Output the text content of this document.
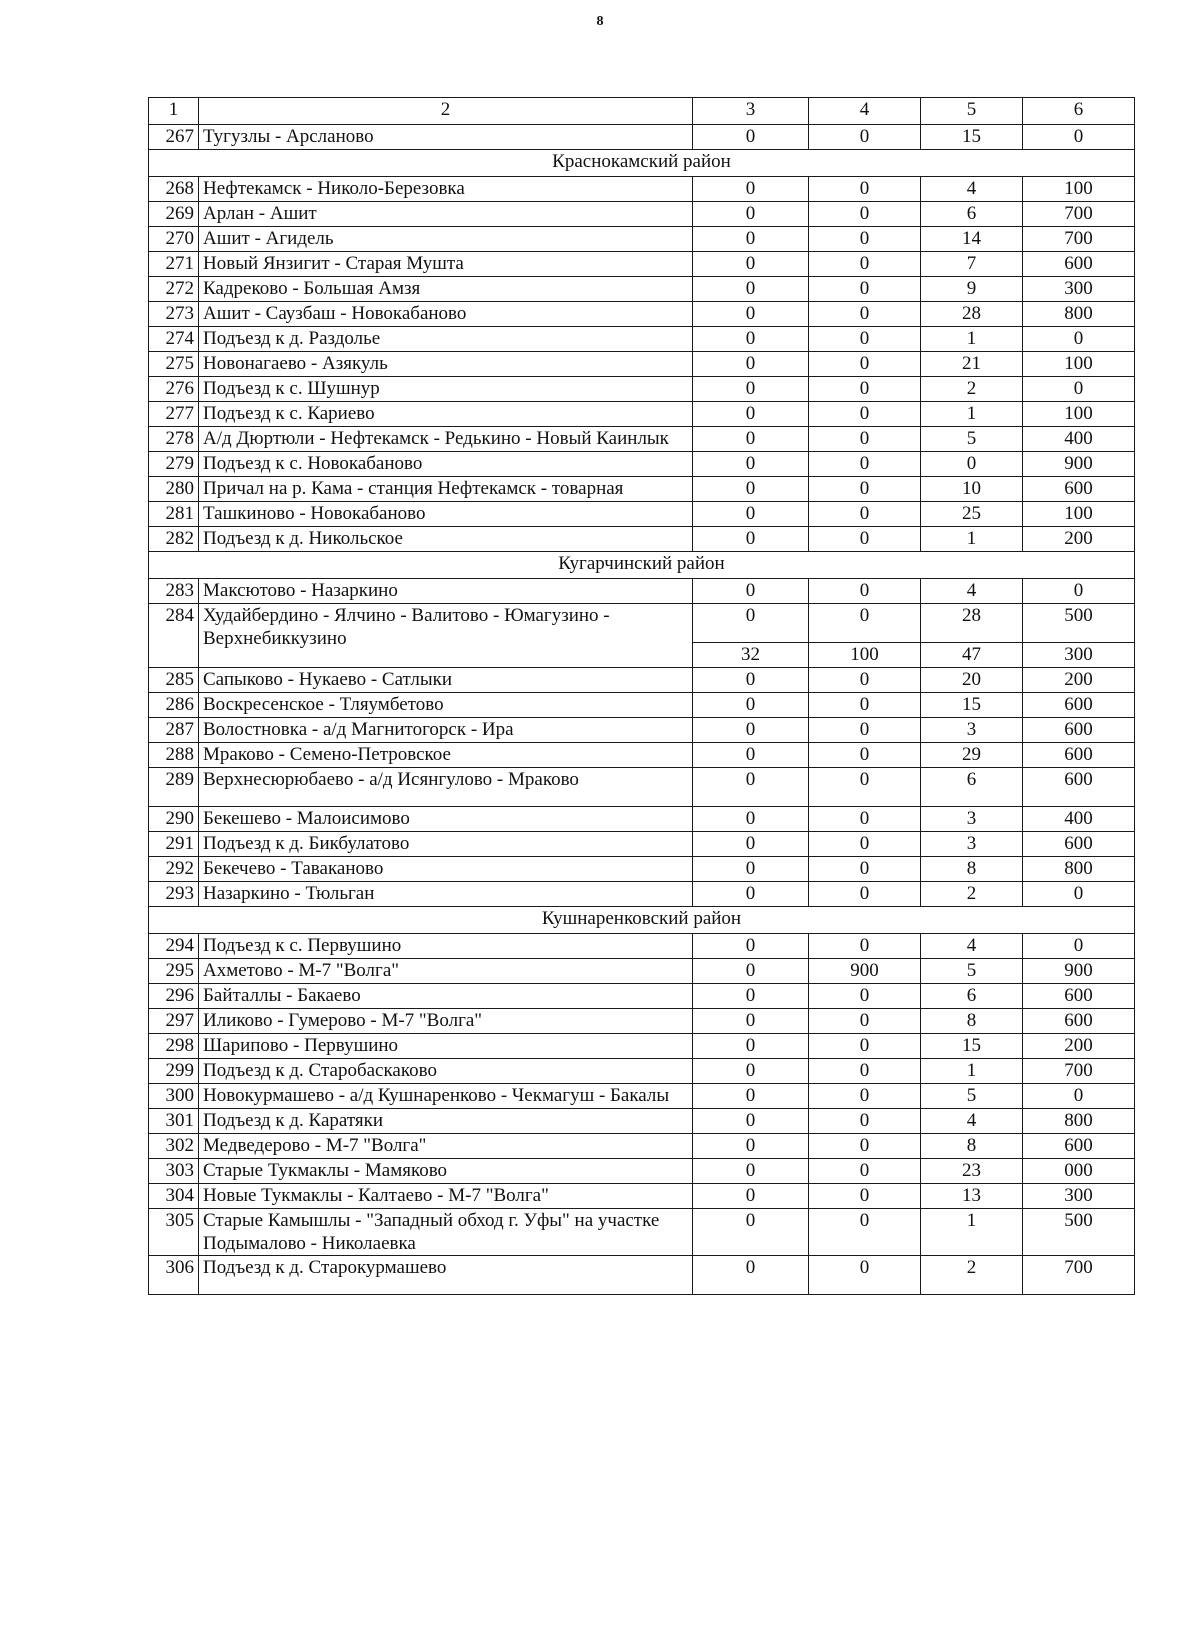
8
1	2	3	4	5	6
267	Тугузлы - Арсланово	0	0	15	0
Краснокамский район					
268	Нефтекамск - Николо-Березовка	0	0	4	100
269	Арлан - Ашит	0	0	6	700
270	Ашит - Агидель	0	0	14	700
271	Новый Янзигит - Старая Мушта	0	0	7	600
272	Кадреково - Большая Амзя	0	0	9	300
273	Ашит - Саузбаш - Новокабаново	0	0	28	800
274	Подъезд к д. Раздолье	0	0	1	0
275	Новонагаево - Азякуль	0	0	21	100
276	Подъезд к с. Шушнур	0	0	2	0
277	Подъезд к с. Кариево	0	0	1	100
278	А/д Дюртюли - Нефтекамск - Редькино - Новый Каинлык	0	0	5	400
279	Подъезд к с. Новокабаново	0	0	0	900
280	Причал на р. Кама - станция Нефтекамск - товарная	0	0	10	600
281	Ташкиново - Новокабаново	0	0	25	100
282	Подъезд к д. Никольское	0	0	1	200
Кугарчинский район					
283	Максютово - Назаркино	0	0	4	0
284	Худайбердино - Ялчино - Валитово - Юмагузино - Верхнебиккузино	0	0	28	500
		32	100	47	300
285	Сапыково - Нукаево - Сатлыки	0	0	20	200
286	Воскресенское - Тляумбетово	0	0	15	600
287	Волостновка - а/д Магнитогорск - Ира	0	0	3	600
288	Мраково - Семено-Петровское	0	0	29	600
289	Верхнесюрюбаево - а/д Исянгулово - Мраково	0	0	6	600
290	Бекешево - Малоисимово	0	0	3	400
291	Подъезд к д. Бикбулатово	0	0	3	600
292	Бекечево - Таваканово	0	0	8	800
293	Назаркино - Тюльган	0	0	2	0
Кушнаренковский район					
294	Подъезд к с. Первушино	0	0	4	0
295	Ахметово - М-7 "Волга"	0	900	5	900
296	Байталлы - Бакаево	0	0	6	600
297	Иликово - Гумерово - М-7 "Волга"	0	0	8	600
298	Шарипово - Первушино	0	0	15	200
299	Подъезд к д. Старобаскаково	0	0	1	700
300	Новокурмашево - а/д Кушнаренково - Чекмагуш - Бакалы	0	0	5	0
301	Подъезд к д. Каратяки	0	0	4	800
302	Медведерово - М-7 "Волга"	0	0	8	600
303	Старые Тукмаклы - Мамяково	0	0	23	000
304	Новые Тукмаклы - Калтаево - М-7 "Волга"	0	0	13	300
305	Старые Камышлы - "Западный обход г. Уфы" на участке Подымалово - Николаевка	0	0	1	500
306	Подъезд к д. Старокурмашево	0	0	2	700
